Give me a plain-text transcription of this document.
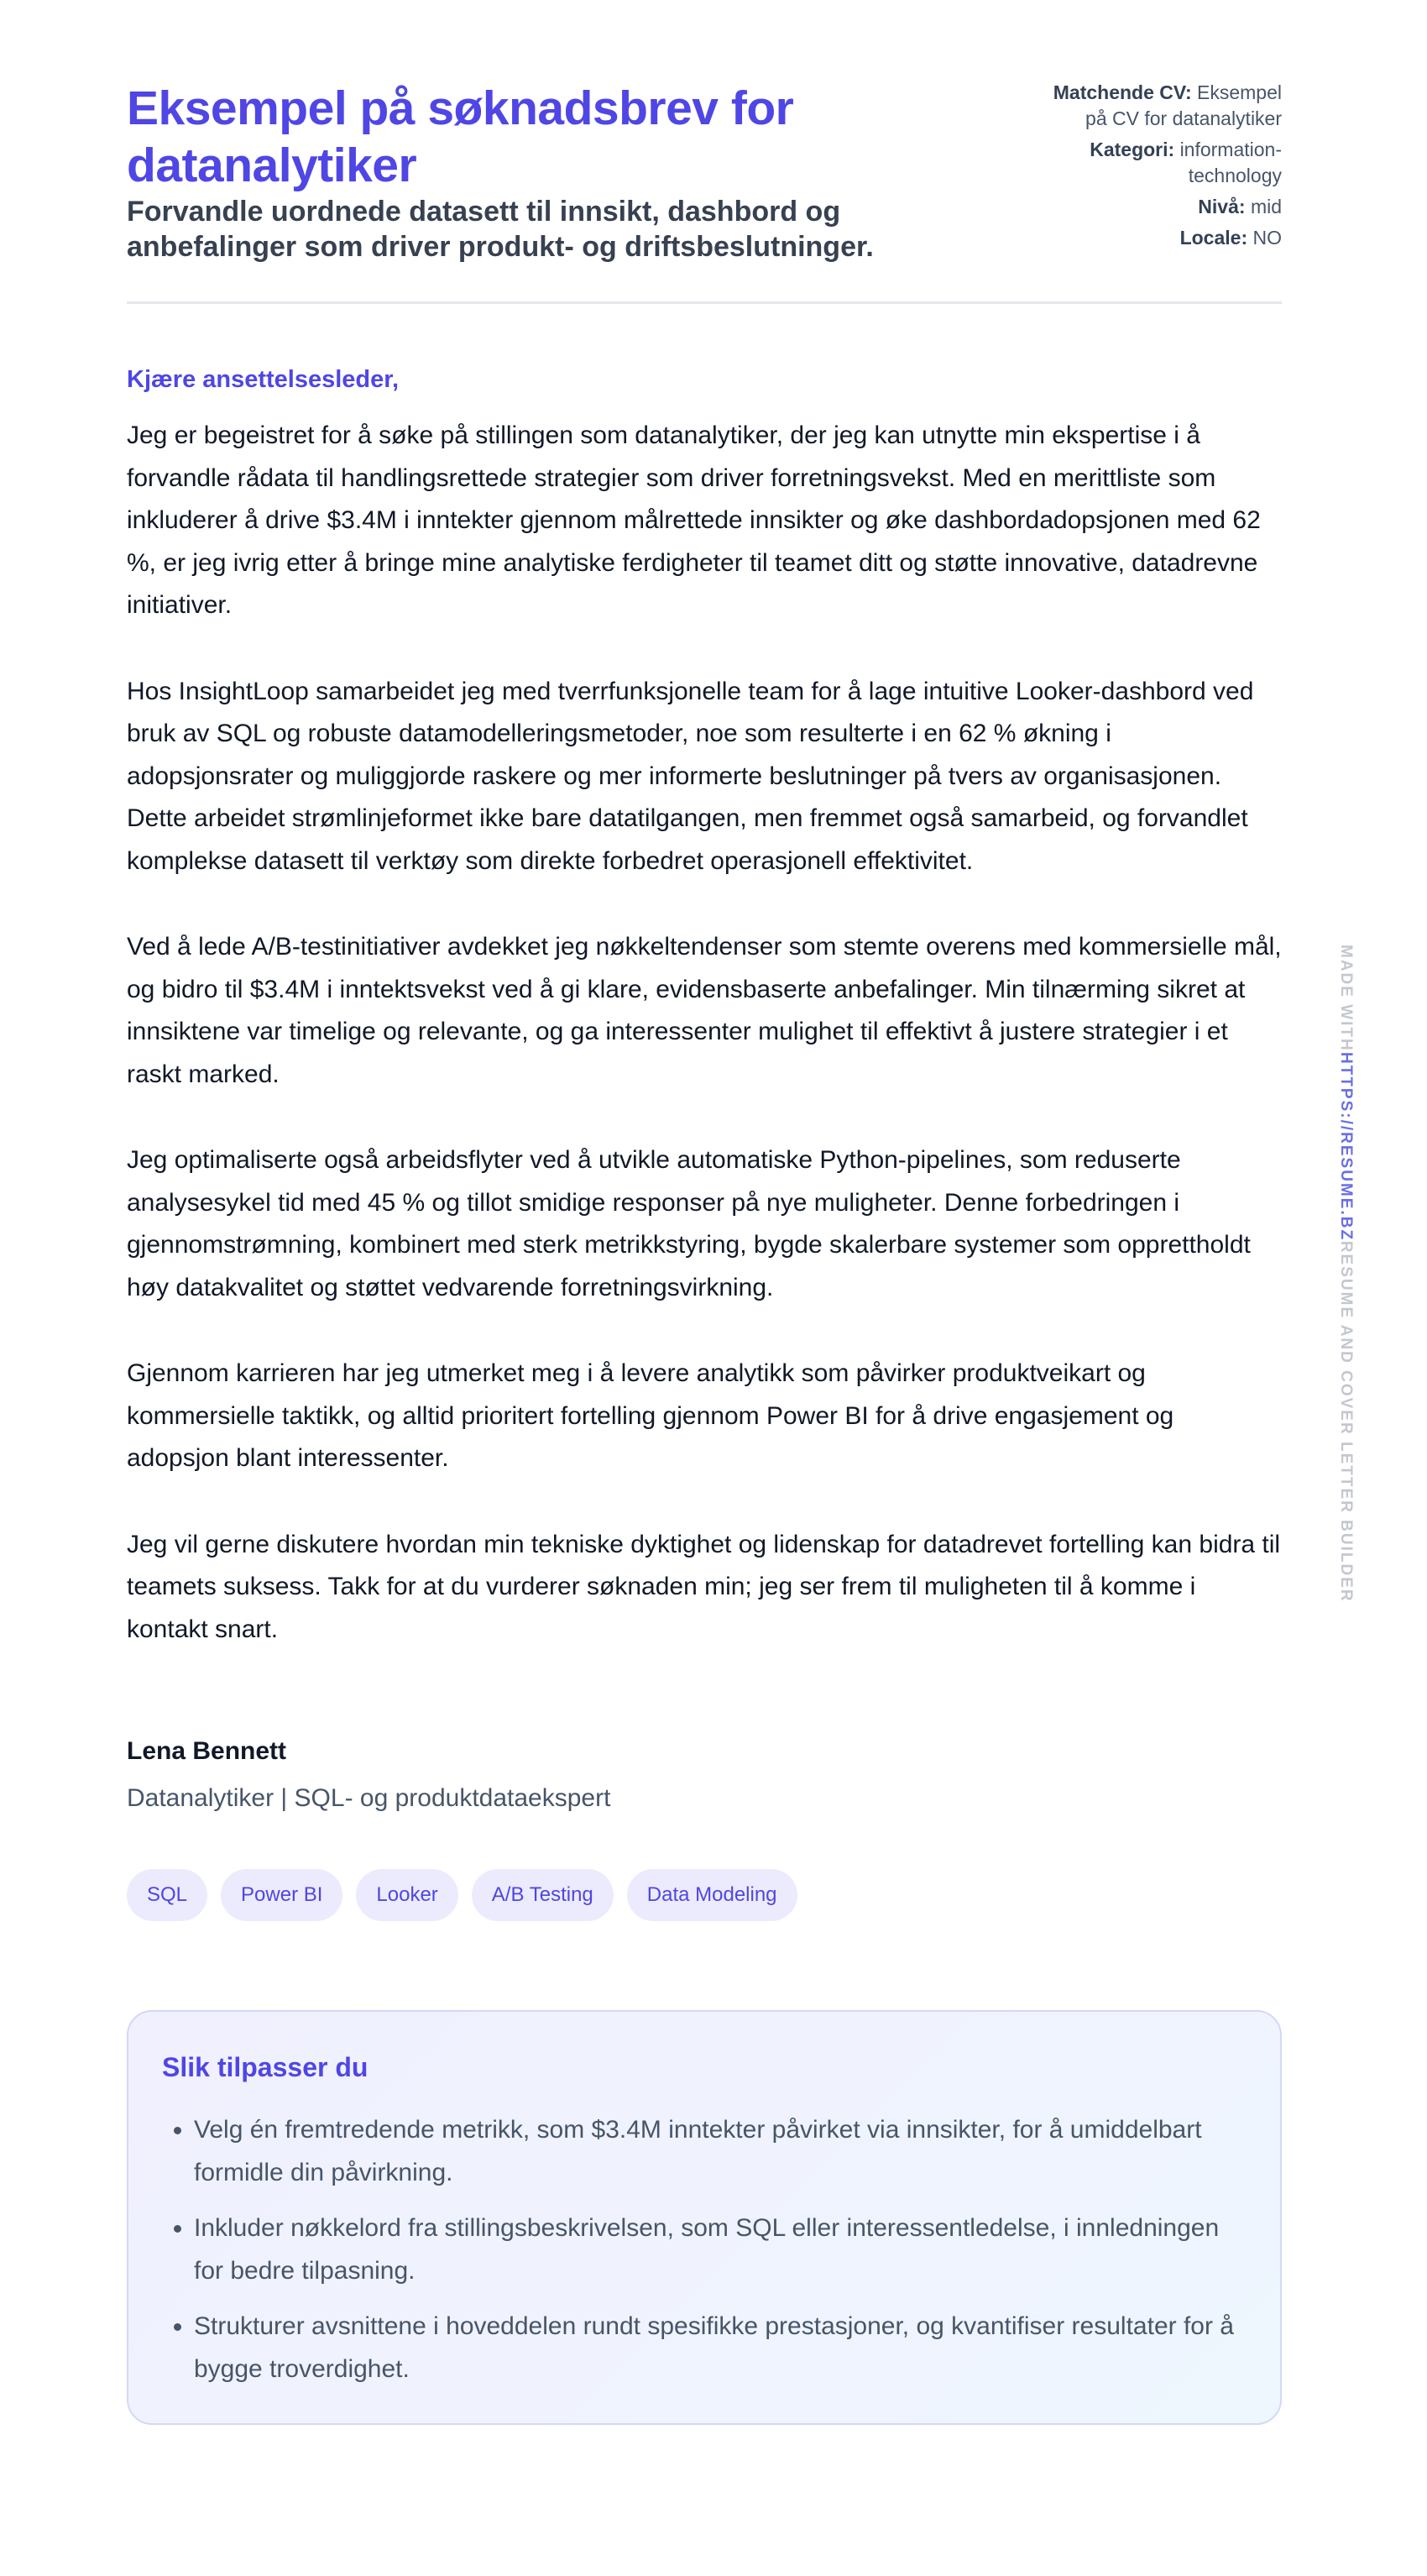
Eksempel på søknadsbrev for datanalytiker
Forvandle uordnede datasett til innsikt, dashbord og anbefalinger som driver produkt- og driftsbeslutninger.
Matchende CV: Eksempel på CV for datanalytiker
Kategori: information-technology
Nivå: mid
Locale: NO
Kjære ansettelsesleder,

Jeg er begeistret for å søke på stillingen som datanalytiker, der jeg kan utnytte min ekspertise i å forvandle rådata til handlingsrettede strategier som driver forretningsvekst. Med en merittliste som inkluderer å drive $3.4M i inntekter gjennom målrettede innsikter og øke dashbordadopsjonen med 62 %, er jeg ivrig etter å bringe mine analytiske ferdigheter til teamet ditt og støtte innovative, datadrevne initiativer.

Hos InsightLoop samarbeidet jeg med tverrfunksjonelle team for å lage intuitive Looker-dashbord ved bruk av SQL og robuste datamodelleringsmetoder, noe som resulterte i en 62 % økning i adopsjonsrater og muliggjorde raskere og mer informerte beslutninger på tvers av organisasjonen. Dette arbeidet strømlinjeformet ikke bare datatilgangen, men fremmet også samarbeid, og forvandlet komplekse datasett til verktøy som direkte forbedret operasjonell effektivitet.

Ved å lede A/B-testinitiativer avdekket jeg nøkkeltendenser som stemte overens med kommersielle mål, og bidro til $3.4M i inntektsvekst ved å gi klare, evidensbaserte anbefalinger. Min tilnærming sikret at innsiktene var timelige og relevante, og ga interessenter mulighet til effektivt å justere strategier i et raskt marked.

Jeg optimaliserte også arbeidsflyter ved å utvikle automatiske Python-pipelines, som reduserte analysesykel tid med 45 % og tillot smidige responser på nye muligheter. Denne forbedringen i gjennomstrømning, kombinert med sterk metrikkstyring, bygde skalerbare systemer som opprettholdt høy datakvalitet og støttet vedvarende forretningsvirkning.

Gjennom karrieren har jeg utmerket meg i å levere analytikk som påvirker produktveikart og kommersielle taktikk, og alltid prioritert fortelling gjennom Power BI for å drive engasjement og adopsjon blant interessenter.

Jeg vil gerne diskutere hvordan min tekniske dyktighet og lidenskap for datadrevet fortelling kan bidra til teamets suksess. Takk for at du vurderer søknaden min; jeg ser frem til muligheten til å komme i kontakt snart.

Lena Bennett
Datanalytiker | SQL- og produktdataekspert
SQL	Power BI	Looker	A/B Testing	Data Modeling
Slik tilpasser du
• Velg én fremtredende metrikk, som $3.4M inntekter påvirket via innsikter, for å umiddelbart formidle din påvirkning.
• Inkluder nøkkelord fra stillingsbeskrivelsen, som SQL eller interessentledelse, i innledningen for bedre tilpasning.
• Strukturer avsnittene i hoveddelen rundt spesifikke prestasjoner, og kvantifiser resultater for å bygge troverdighet.
MADE WITHHTTPS://RESUME.BZRESUME AND COVER LETTER BUILDER
